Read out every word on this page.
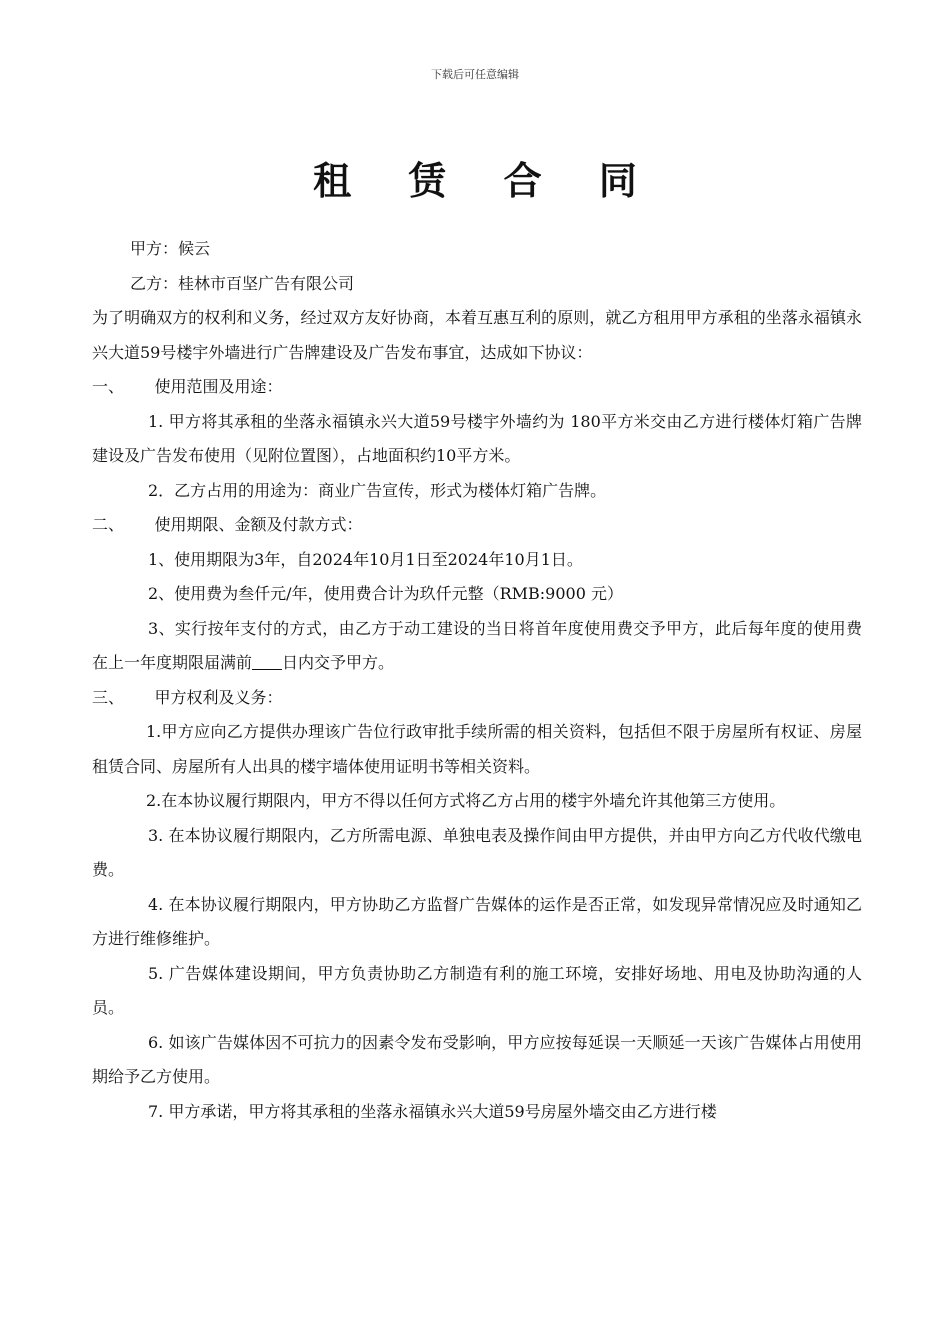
下载后可任意编辑
租 赁 合 同

甲方：候云

乙方：桂林市百坚广告有限公司

为了明确双方的权利和义务，经过双方友好协商，本着互惠互利的原则，就乙方租用甲方承租的坐落永福镇永兴大道59号楼宇外墙进行广告牌建设及广告发布事宜，达成如下协议：

一、      使用范围及用途：

1. 甲方将其承租的坐落永福镇永兴大道59号楼宇外墙约为 180平方米交由乙方进行楼体灯箱广告牌建设及广告发布使用（见附位置图），占地面积约10平方米。

2．乙方占用的用途为：商业广告宣传，形式为楼体灯箱广告牌。

二、      使用期限、金额及付款方式：

1、使用期限为3年，自2024年10月1日至2024年10月1日。

2、使用费为叁仟元/年，使用费合计为玖仟元整（RMB:9000 元）

3、实行按年支付的方式，由乙方于动工建设的当日将首年度使用费交予甲方，此后每年度的使用费在上一年度期限届满前 日内交予甲方。

三、      甲方权利及义务：

1.甲方应向乙方提供办理该广告位行政审批手续所需的相关资料，包括但不限于房屋所有权证、房屋租赁合同、房屋所有人出具的楼宇墙体使用证明书等相关资料。

2.在本协议履行期限内，甲方不得以任何方式将乙方占用的楼宇外墙允许其他第三方使用。

3. 在本协议履行期限内，乙方所需电源、单独电表及操作间由甲方提供，并由甲方向乙方代收代缴电费。

4. 在本协议履行期限内，甲方协助乙方监督广告媒体的运作是否正常，如发现异常情况应及时通知乙方进行维修维护。

5. 广告媒体建设期间，甲方负责协助乙方制造有利的施工环境，安排好场地、用电及协助沟通的人员。

6. 如该广告媒体因不可抗力的因素令发布受影响，甲方应按每延误一天顺延一天该广告媒体占用使用期给予乙方使用。

7. 甲方承诺，甲方将其承租的坐落永福镇永兴大道59号房屋外墙交由乙方进行楼
